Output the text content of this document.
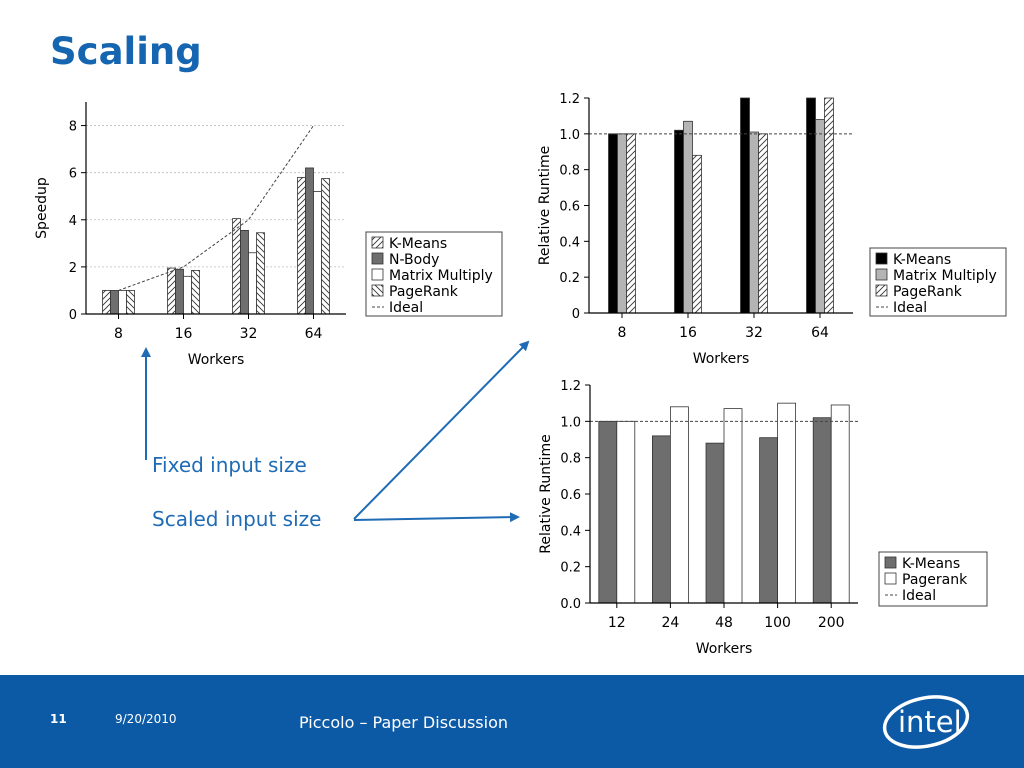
Scaling
0
2
4
6
8
8	16	32	64
Workers
Speedup
K-Means
N-Body
Matrix Multiply
PageRank
Ideal	0
0.2
0.4
0.6
0.8
1.0
1.2
8	16	32	64
Workers
Relative Runtime	K-Means
Matrix Multiply
PageRank
Ideal
0.0
0.2
0.4
0.6
0.8
1.0
1.2
12	24	48 100 200
Workers
Relative Runtime
K-Means
Pagerank
Ideal
Fixed input size
Scaled input size
11	9/20/2010	Piccolo – Paper Discussion	intel
